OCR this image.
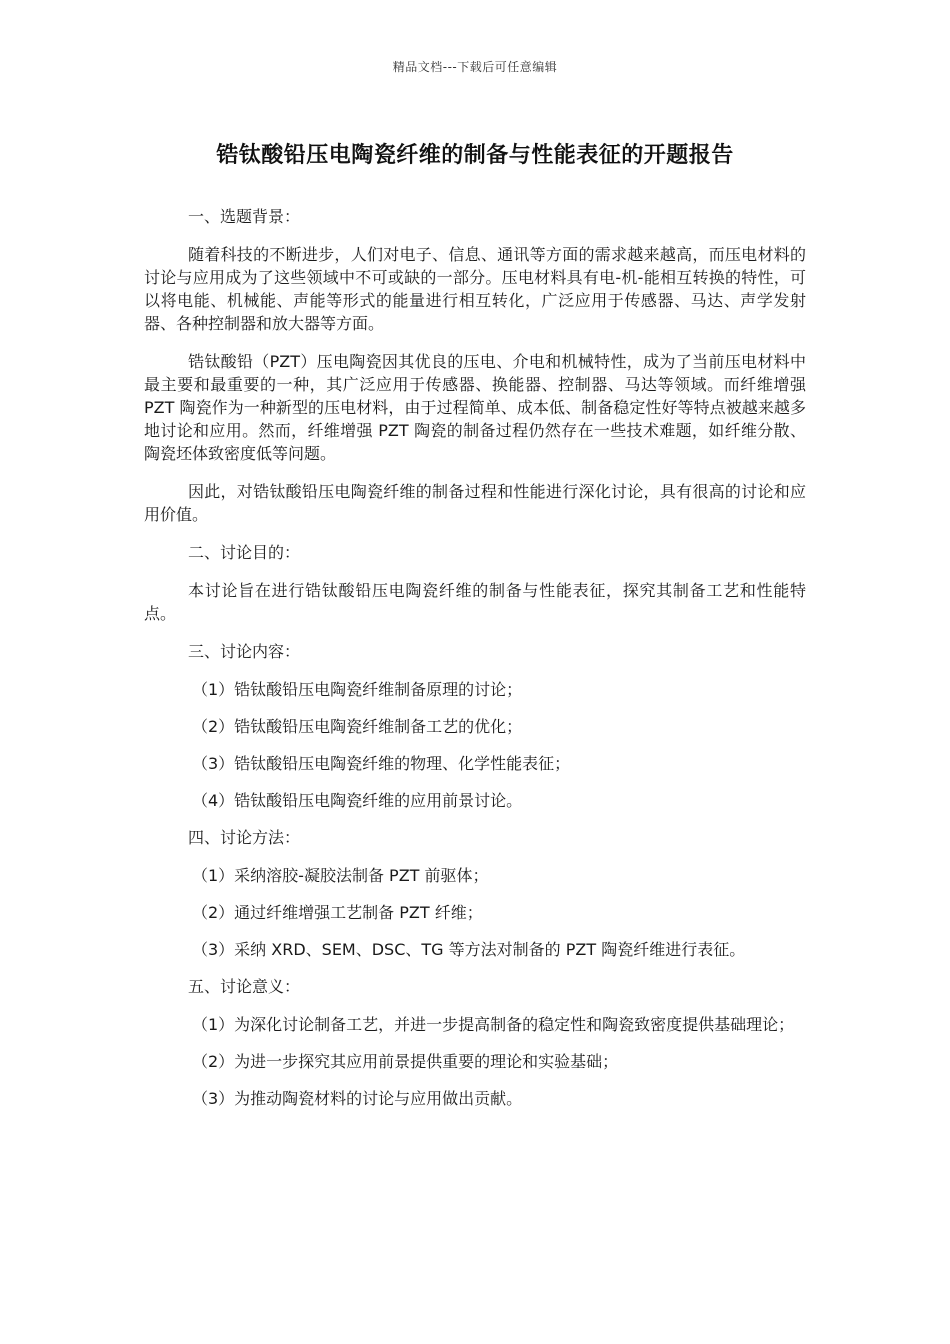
精品文档---下载后可任意编辑
锆钛酸铅压电陶瓷纤维的制备与性能表征的开题报告

一、选题背景：

随着科技的不断进步，人们对电子、信息、通讯等方面的需求越来越高，而压电材料的讨论与应用成为了这些领域中不可或缺的一部分。压电材料具有电-机-能相互转换的特性，可以将电能、机械能、声能等形式的能量进行相互转化，广泛应用于传感器、马达、声学发射器、各种控制器和放大器等方面。

锆钛酸铅（PZT）压电陶瓷因其优良的压电、介电和机械特性，成为了当前压电材料中最主要和最重要的一种，其广泛应用于传感器、换能器、控制器、马达等领域。而纤维增强 PZT 陶瓷作为一种新型的压电材料，由于过程简单、成本低、制备稳定性好等特点被越来越多地讨论和应用。然而，纤维增强 PZT 陶瓷的制备过程仍然存在一些技术难题，如纤维分散、陶瓷坯体致密度低等问题。

因此，对锆钛酸铅压电陶瓷纤维的制备过程和性能进行深化讨论，具有很高的讨论和应用价值。

二、讨论目的：

本讨论旨在进行锆钛酸铅压电陶瓷纤维的制备与性能表征，探究其制备工艺和性能特点。

三、讨论内容：

（1）锆钛酸铅压电陶瓷纤维制备原理的讨论；

（2）锆钛酸铅压电陶瓷纤维制备工艺的优化；

（3）锆钛酸铅压电陶瓷纤维的物理、化学性能表征；

（4）锆钛酸铅压电陶瓷纤维的应用前景讨论。

四、讨论方法：

（1）采纳溶胶-凝胶法制备 PZT 前驱体；

（2）通过纤维增强工艺制备 PZT 纤维；

（3）采纳 XRD、SEM、DSC、TG 等方法对制备的 PZT 陶瓷纤维进行表征。

五、讨论意义：

（1）为深化讨论制备工艺，并进一步提高制备的稳定性和陶瓷致密度提供基础理论；

（2）为进一步探究其应用前景提供重要的理论和实验基础；

（3）为推动陶瓷材料的讨论与应用做出贡献。
